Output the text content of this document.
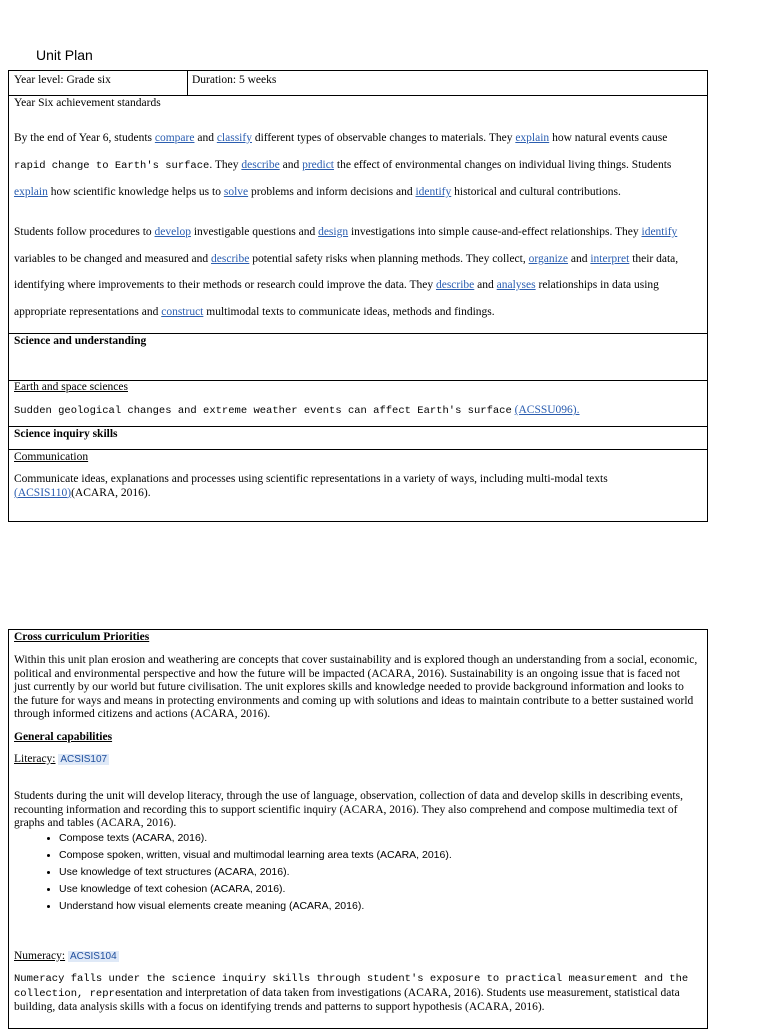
Unit Plan
Year level: Grade six	Duration: 5 weeks
Year Six achievement standards
By the end of Year 6, students compare and classify different types of observable changes to materials. They explain how natural events cause rapid change to Earth's surface. They describe and predict the effect of environmental changes on individual living things. Students explain how scientific knowledge helps us to solve problems and inform decisions and identify historical and cultural contributions.
Students follow procedures to develop investigable questions and design investigations into simple cause-and-effect relationships. They identify variables to be changed and measured and describe potential safety risks when planning methods. They collect, organize and interpret their data, identifying where improvements to their methods or research could improve the data. They describe and analyses relationships in data using appropriate representations and construct multimodal texts to communicate ideas, methods and findings.
Science and understanding
Earth and space sciences
Sudden geological changes and extreme weather events can affect Earth's surface (ACSSU096).
Science inquiry skills
Communication
Communicate ideas, explanations and processes using scientific representations in a variety of ways, including multi-modal texts (ACSIS110)(ACARA, 2016).
Cross curriculum Priorities
Within this unit plan erosion and weathering are concepts that cover sustainability and is explored though an understanding from a social, economic, political and environmental perspective and how the future will be impacted (ACARA, 2016). Sustainability is an ongoing issue that is faced not just currently by our world but future civilisation. The unit explores skills and knowledge needed to provide background information and looks to the future for ways and means in protecting environments and coming up with solutions and ideas to maintain contribute to a better sustained world through informed citizens and actions (ACARA, 2016).
General capabilities
Literacy: ACSIS107
Students during the unit will develop literacy, through the use of language, observation, collection of data and develop skills in describing events, recounting information and recording this to support scientific inquiry (ACARA, 2016). They also comprehend and compose multimedia text of graphs and tables (ACARA, 2016).
• Compose texts (ACARA, 2016).
• Compose spoken, written, visual and multimodal learning area texts (ACARA, 2016).
• Use knowledge of text structures (ACARA, 2016).
• Use knowledge of text cohesion (ACARA, 2016).
• Understand how visual elements create meaning (ACARA, 2016).
Numeracy: ACSIS104
Numeracy falls under the science inquiry skills through student's exposure to practical measurement and the collection, representation and interpretation of data taken from investigations (ACARA, 2016). Students use measurement, statistical data building, data analysis skills with a focus on identifying trends and patterns to support hypothesis (ACARA, 2016).
